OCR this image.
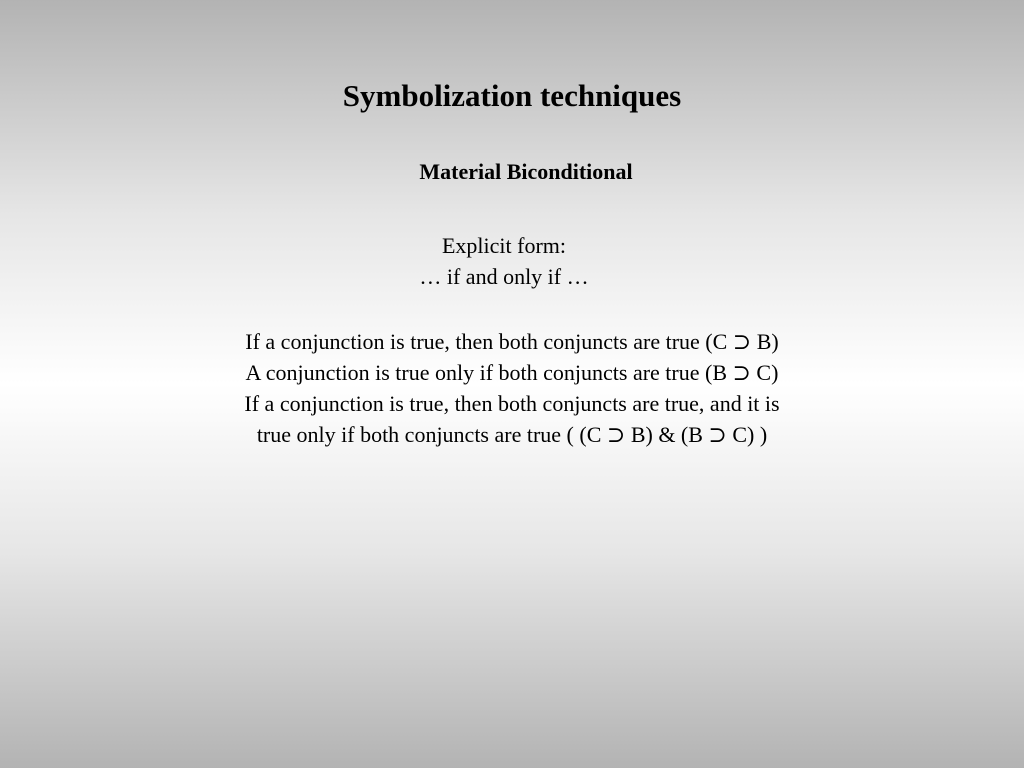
Symbolization techniques
Material Biconditional
Explicit form:
… if and only if …
If a conjunction is true, then both conjuncts are true (C ⊃ B)
A conjunction is true only if both conjuncts are true (B ⊃ C)
If a conjunction is true, then both conjuncts are true, and it is
true only if both conjuncts are true ( (C ⊃ B) & (B ⊃ C) )
